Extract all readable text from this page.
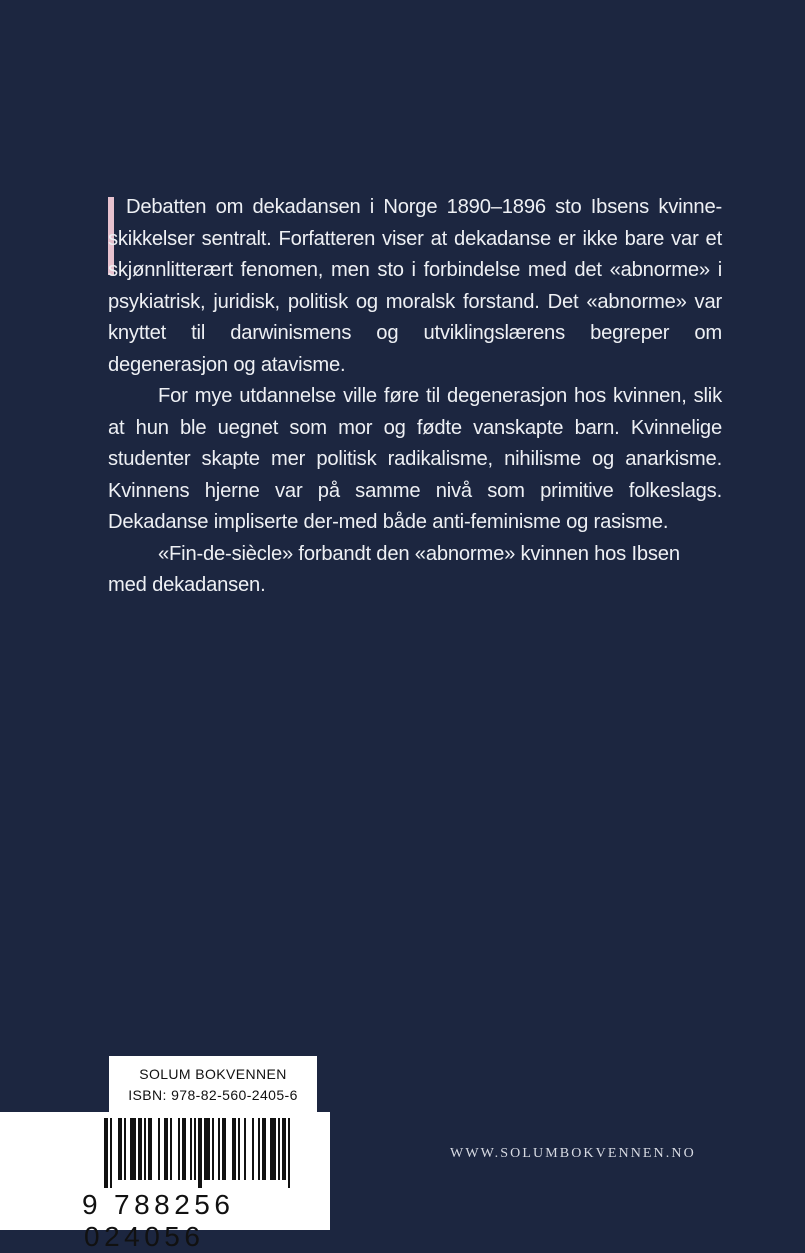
Debatten om dekadansen i Norge 1890–1896 sto Ibsens kvinne-skikkelser sentralt. Forfatteren viser at dekadanse er ikke bare var et skjønnlitterært fenomen, men sto i forbindelse med det «abnorme» i psykiatrisk, juridisk, politisk og moralsk forstand. Det «abnorme» var knyttet til darwinismens og utviklingslærens begreper om degenerasjon og atavisme.

For mye utdannelse ville føre til degenerasjon hos kvinnen, slik at hun ble uegnet som mor og fødte vanskapte barn. Kvinnelige studenter skapte mer politisk radikalisme, nihilisme og anarkisme. Kvinnens hjerne var på samme nivå som primitive folkeslags. Dekadanse impliserte der-med både anti-feminisme og rasisme.

«Fin-de-siècle» forbandt den «abnorme» kvinnen hos Ibsen med dekadansen.

SOLUM BOKVENNEN
ISBN: 978-82-560-2405-6
9 788256 024056
WWW.SOLUMBOKVENNEN.NO
